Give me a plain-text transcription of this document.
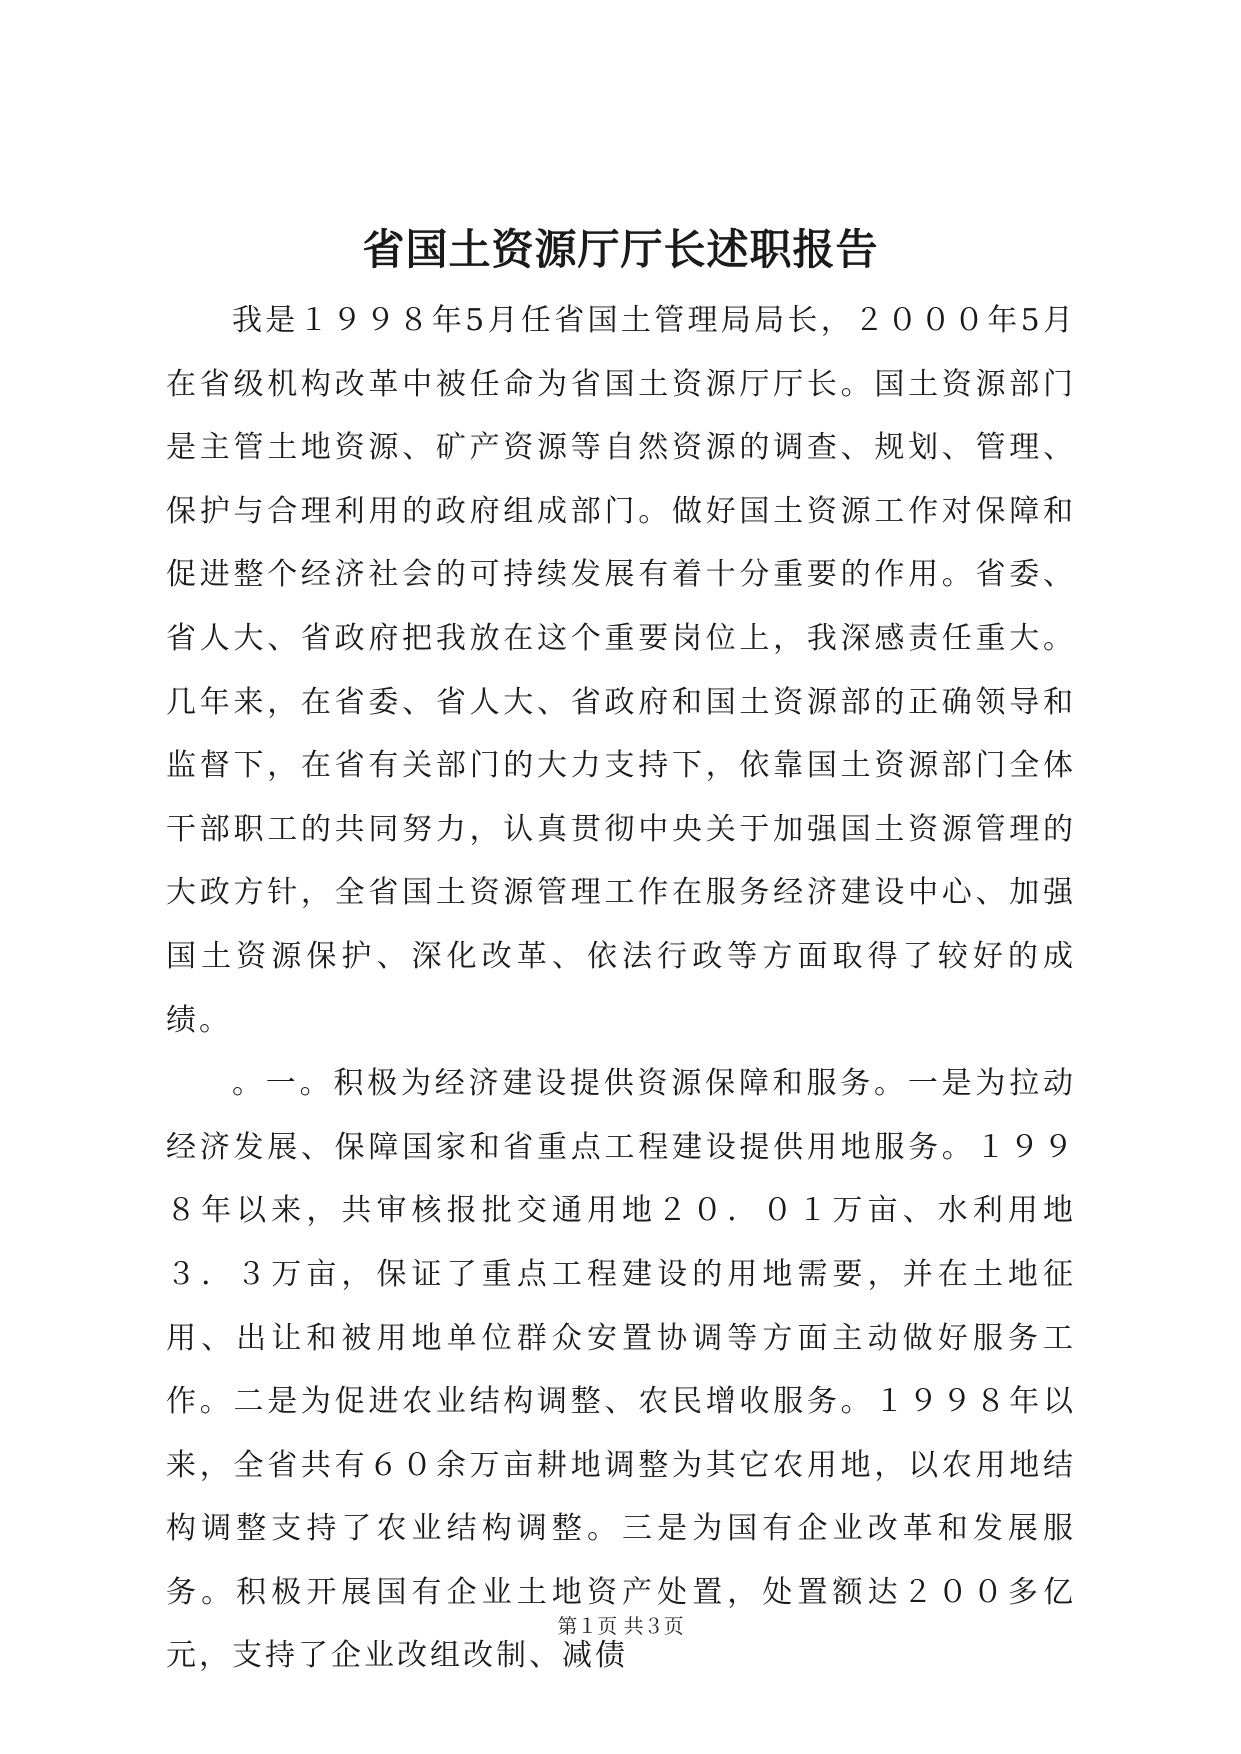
省国土资源厅厅长述职报告

我是１９９８年5月任省国土管理局局长，２０００年5月在省级机构改革中被任命为省国土资源厅厅长。国土资源部门是主管土地资源、矿产资源等自然资源的调查、规划、管理、保护与合理利用的政府组成部门。做好国土资源工作对保障和促进整个经济社会的可持续发展有着十分重要的作用。省委、省人大、省政府把我放在这个重要岗位上，我深感责任重大。几年来，在省委、省人大、省政府和国土资源部的正确领导和监督下，在省有关部门的大力支持下，依靠国土资源部门全体干部职工的共同努力，认真贯彻中央关于加强国土资源管理的大政方针，全省国土资源管理工作在服务经济建设中心、加强国土资源保护、深化改革、依法行政等方面取得了较好的成绩。

。一。积极为经济建设提供资源保障和服务。一是为拉动经济发展、保障国家和省重点工程建设提供用地服务。１９９８年以来，共审核报批交通用地２０．０１万亩、水利用地３．３万亩，保证了重点工程建设的用地需要，并在土地征用、出让和被用地单位群众安置协调等方面主动做好服务工作。二是为促进农业结构调整、农民增收服务。１９９８年以来，全省共有６０余万亩耕地调整为其它农用地，以农用地结构调整支持了农业结构调整。三是为国有企业改革和发展服务。积极开展国有企业土地资产处置，处置额达２００多亿元，支持了企业改组改制、减债

第１页 共３页
